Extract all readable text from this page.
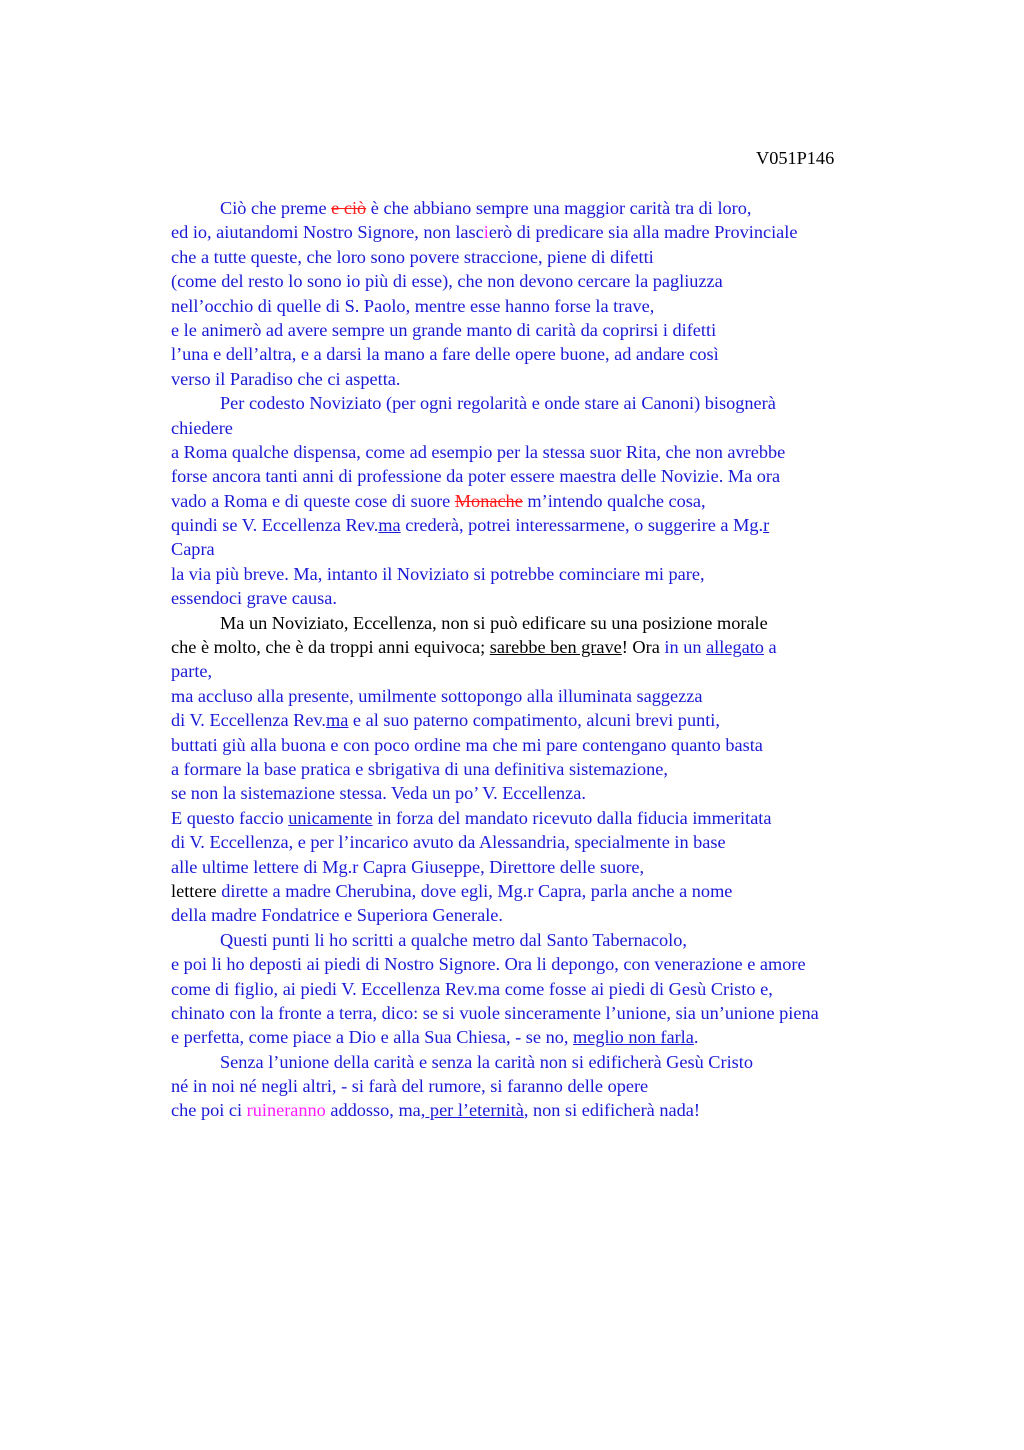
V051P146
Ciò che preme e ciò è che abbiano sempre una maggior carità tra di loro,
ed io, aiutandomi Nostro Signore, non lascierò di predicare sia alla madre Provinciale
che a tutte queste, che loro sono povere straccione, piene di difetti
(come del resto lo sono io più di esse), che non devono cercare la pagliuzza
nell’occhio di quelle di S. Paolo, mentre esse hanno forse la trave,
e le animerò ad avere sempre un grande manto di carità da coprirsi i difetti
l’una e dell’altra, e a darsi la mano a fare delle opere buone, ad andare così
verso il Paradiso che ci aspetta.
Per codesto Noviziato (per ogni regolarità e onde stare ai Canoni) bisognerà
chiedere
a Roma qualche dispensa, come ad esempio per la stessa suor Rita, che non avrebbe
forse ancora tanti anni di professione da poter essere maestra delle Novizie. Ma ora
vado a Roma e di queste cose di suore Monache m’intendo qualche cosa,
quindi se V. Eccellenza Rev.ma crederà, potrei interessarmene, o suggerire a Mg.r
Capra
la via più breve. Ma, intanto il Noviziato si potrebbe cominciare mi pare,
essendoci grave causa.
Ma un Noviziato, Eccellenza, non si può edificare su una posizione morale
che è molto, che è da troppi anni equivoca; sarebbe ben grave! Ora in un allegato a
parte,
ma accluso alla presente, umilmente sottopongo alla illuminata saggezza
di V. Eccellenza Rev.ma e al suo paterno compatimento, alcuni brevi punti,
buttati giù alla buona e con poco ordine ma che mi pare contengano quanto basta
a formare la base pratica e sbrigativa di una definitiva sistemazione,
se non la sistemazione stessa. Veda un po’ V. Eccellenza.
E questo faccio unicamente in forza del mandato ricevuto dalla fiducia immeritata
di V. Eccellenza, e per l’incarico avuto da Alessandria, specialmente in base
alle ultime lettere di Mg.r Capra Giuseppe, Direttore delle suore,
lettere dirette a madre Cherubina, dove egli, Mg.r Capra, parla anche a nome
della madre Fondatrice e Superiora Generale.
Questi punti li ho scritti a qualche metro dal Santo Tabernacolo,
e poi li ho deposti ai piedi di Nostro Signore. Ora li depongo, con venerazione e amore
come di figlio, ai piedi V. Eccellenza Rev.ma come fosse ai piedi di Gesù Cristo e,
chinato con la fronte a terra, dico: se si vuole sinceramente l’unione, sia un’unione piena
e perfetta, come piace a Dio e alla Sua Chiesa, - se no, meglio non farla.
Senza l’unione della carità e senza la carità non si edificherà Gesù Cristo
né in noi né negli altri, - si farà del rumore, si faranno delle opere
che poi ci ruineranno addosso, ma, per l’eternità, non si edificherà nada!
